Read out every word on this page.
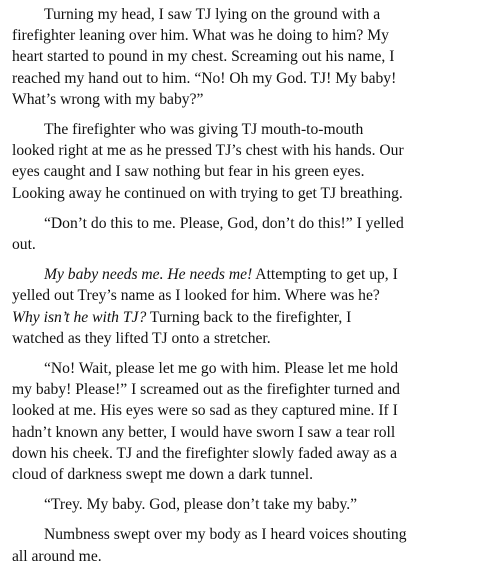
Turning my head, I saw TJ lying on the ground with a
firefighter leaning over him. What was he doing to him? My
heart started to pound in my chest. Screaming out his name, I
reached my hand out to him. “No! Oh my God. TJ! My baby!
What’s wrong with my baby?”

The firefighter who was giving TJ mouth-to-mouth
looked right at me as he pressed TJ’s chest with his hands. Our
eyes caught and I saw nothing but fear in his green eyes.
Looking away he continued on with trying to get TJ breathing.

“Don’t do this to me. Please, God, don’t do this!” I yelled
out.

My baby needs me. He needs me! Attempting to get up, I
yelled out Trey’s name as I looked for him. Where was he?
Why isn’t he with TJ? Turning back to the firefighter, I
watched as they lifted TJ onto a stretcher.

“No! Wait, please let me go with him. Please let me hold
my baby! Please!” I screamed out as the firefighter turned and
looked at me. His eyes were so sad as they captured mine. If I
hadn’t known any better, I would have sworn I saw a tear roll
down his cheek. TJ and the firefighter slowly faded away as a
cloud of darkness swept me down a dark tunnel.

“Trey. My baby. God, please don’t take my baby.”

Numbness swept over my body as I heard voices shouting
all around me.
